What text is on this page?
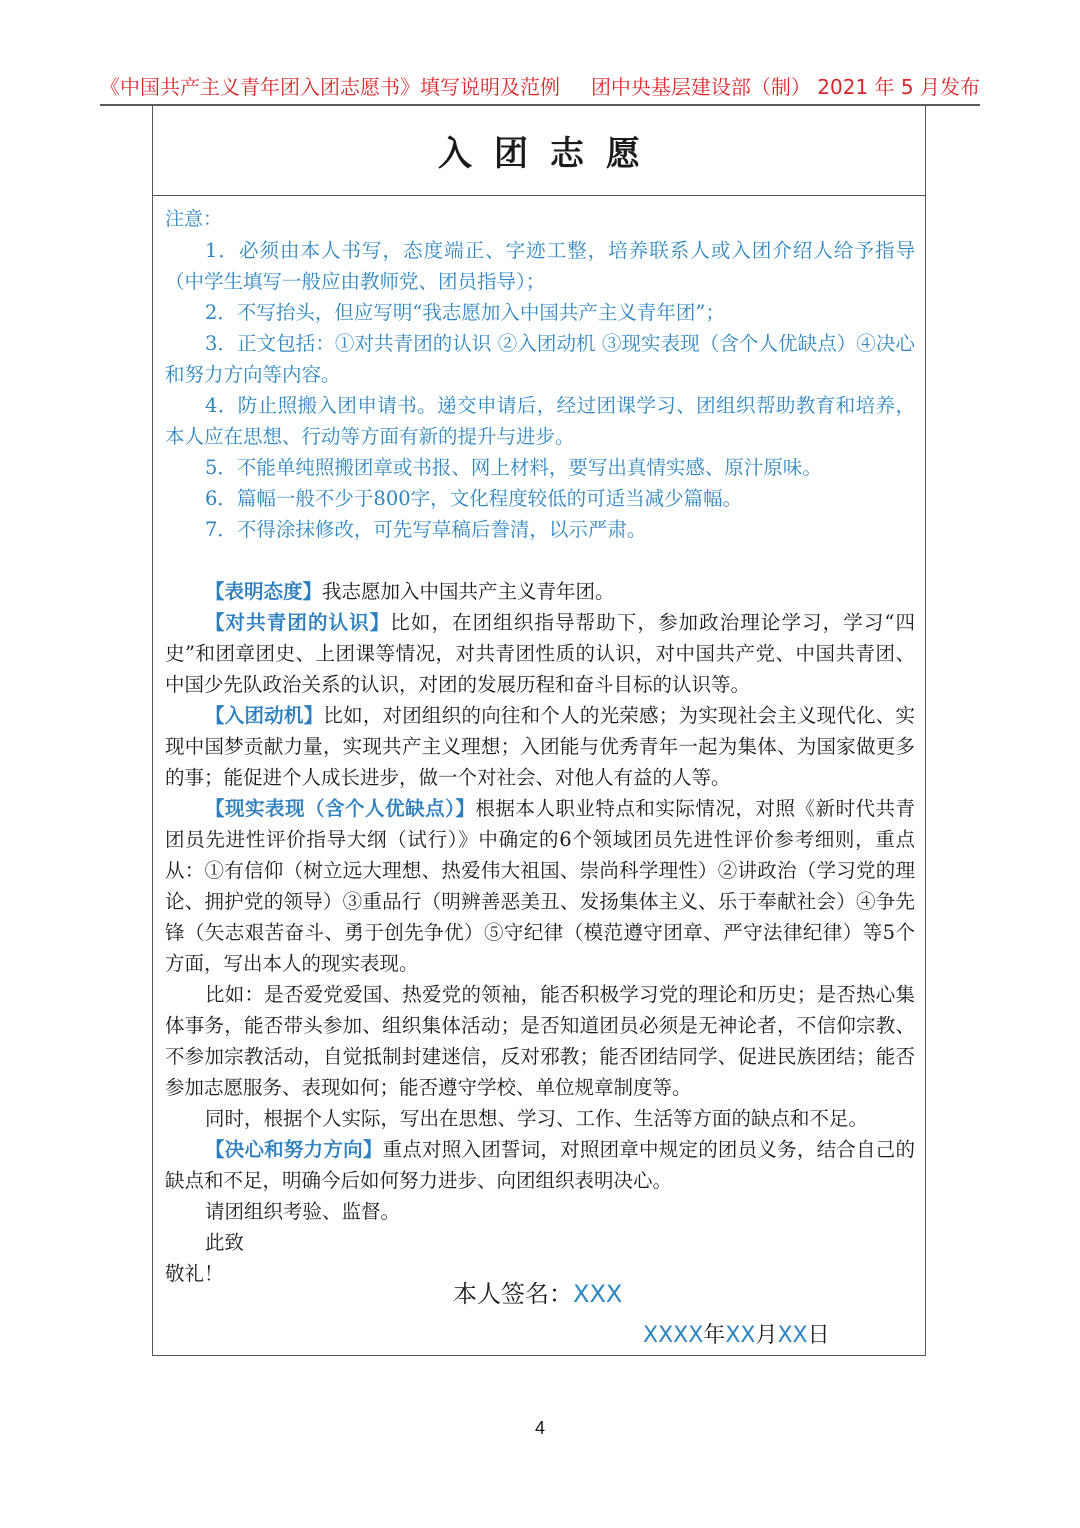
《中国共产主义青年团入团志愿书》填写说明及范例 团中央基层建设部（制） 2021 年 5 月发布
入团志愿
注意：

1．必须由本人书写，态度端正、字迹工整，培养联系人或入团介绍人给予指导（中学生填写一般应由教师党、团员指导）；

2．不写抬头，但应写明“我志愿加入中国共产主义青年团”；

3．正文包括：①对共青团的认识 ②入团动机 ③现实表现（含个人优缺点）④决心和努力方向等内容。

4．防止照搬入团申请书。递交申请后，经过团课学习、团组织帮助教育和培养，本人应在思想、行动等方面有新的提升与进步。

5．不能单纯照搬团章或书报、网上材料，要写出真情实感、原汁原味。

6．篇幅一般不少于800字，文化程度较低的可适当减少篇幅。

7．不得涂抹修改，可先写草稿后誊清，以示严肃。

【表明态度】我志愿加入中国共产主义青年团。

【对共青团的认识】比如，在团组织指导帮助下，参加政治理论学习，学习“四史”和团章团史、上团课等情况，对共青团性质的认识，对中国共产党、中国共青团、中国少先队政治关系的认识，对团的发展历程和奋斗目标的认识等。

【入团动机】比如，对团组织的向往和个人的光荣感；为实现社会主义现代化、实现中国梦贡献力量，实现共产主义理想；入团能与优秀青年一起为集体、为国家做更多的事；能促进个人成长进步，做一个对社会、对他人有益的人等。

【现实表现（含个人优缺点）】根据本人职业特点和实际情况，对照《新时代共青团员先进性评价指导大纲（试行）》中确定的6个领域团员先进性评价参考细则，重点从：①有信仰（树立远大理想、热爱伟大祖国、崇尚科学理性）②讲政治（学习党的理论、拥护党的领导）③重品行（明辨善恶美丑、发扬集体主义、乐于奉献社会）④争先锋（矢志艰苦奋斗、勇于创先争优）⑤守纪律（模范遵守团章、严守法律纪律）等5个方面，写出本人的现实表现。

比如：是否爱党爱国、热爱党的领袖，能否积极学习党的理论和历史；是否热心集体事务，能否带头参加、组织集体活动；是否知道团员必须是无神论者，不信仰宗教、不参加宗教活动，自觉抵制封建迷信，反对邪教；能否团结同学、促进民族团结；能否参加志愿服务、表现如何；能否遵守学校、单位规章制度等。

同时，根据个人实际，写出在思想、学习、工作、生活等方面的缺点和不足。

【决心和努力方向】重点对照入团誓词，对照团章中规定的团员义务，结合自己的缺点和不足，明确今后如何努力进步、向团组织表明决心。

请团组织考验、监督。

此致

敬礼！

本人签名：XXX
XXXX年XX月XX日
4
